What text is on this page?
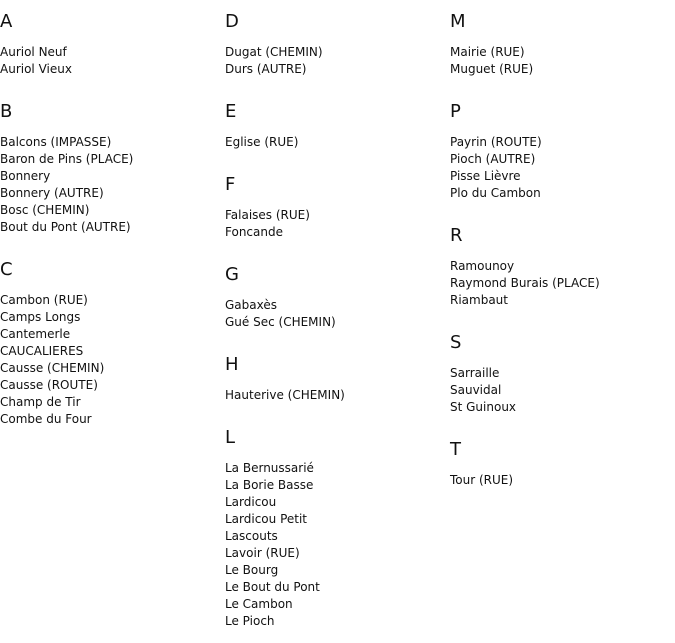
A
Auriol Neuf
Auriol Vieux
B
Balcons (IMPASSE)
Baron de Pins (PLACE)
Bonnery
Bonnery (AUTRE)
Bosc (CHEMIN)
Bout du Pont (AUTRE)
C
Cambon (RUE)
Camps Longs
Cantemerle
CAUCALIERES
Causse (CHEMIN)
Causse (ROUTE)
Champ de Tir
Combe du Four
D
Dugat (CHEMIN)
Durs (AUTRE)
E
Eglise (RUE)
F
Falaises (RUE)
Foncande
G
Gabaxès
Gué Sec (CHEMIN)
H
Hauterive (CHEMIN)
L
La Bernussarié
La Borie Basse
Lardicou
Lardicou Petit
Lascouts
Lavoir (RUE)
Le Bourg
Le Bout du Pont
Le Cambon
Le Pioch
M
Mairie (RUE)
Muguet (RUE)
P
Payrin (ROUTE)
Pioch (AUTRE)
Pisse Lièvre
Plo du Cambon
R
Ramounoy
Raymond Burais (PLACE)
Riambaut
S
Sarraille
Sauvidal
St Guinoux
T
Tour (RUE)
